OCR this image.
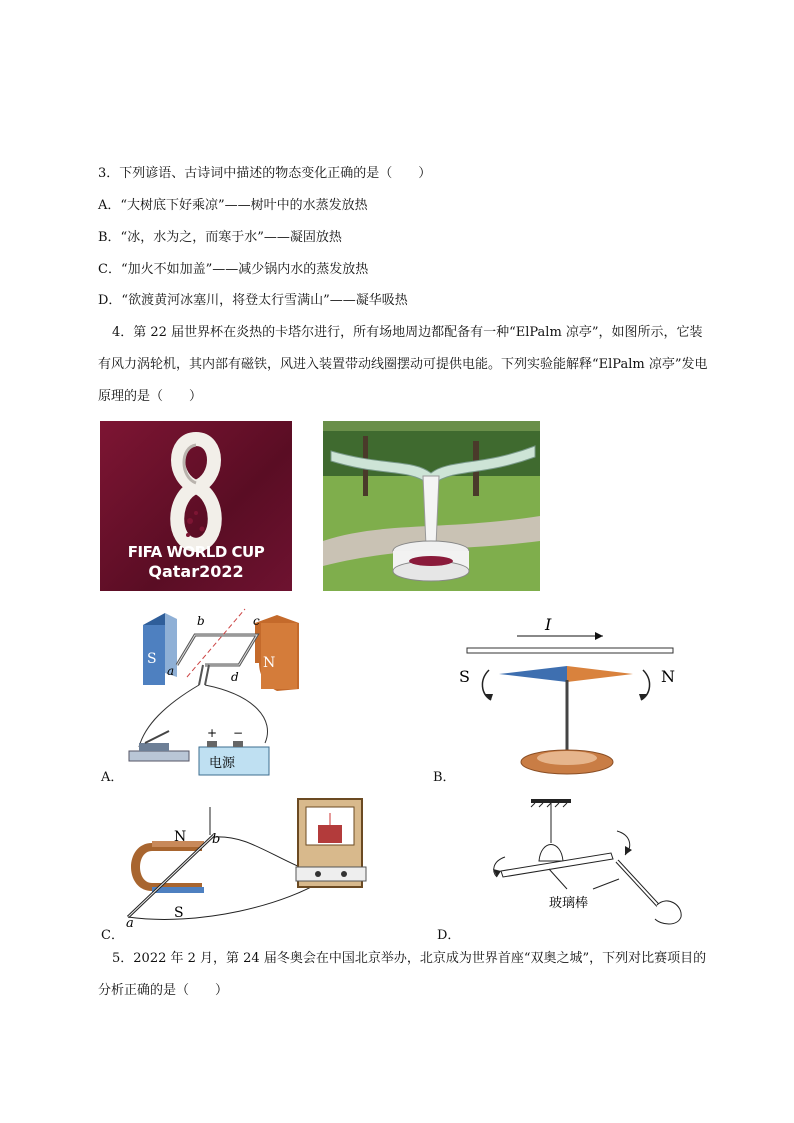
3．下列谚语、古诗词中描述的物态变化正确的是（　　）
A．“大树底下好乘凉”——树叶中的水蒸发放热
B．“冰，水为之，而寒于水”——凝固放热
C．“加火不如加盖”——减少锅内水的蒸发放热
D．“欲渡黄河冰塞川，将登太行雪满山”——凝华吸热
4．第 22 届世界杯在炎热的卡塔尔进行，所有场地周边都配备有一种“ElPalm 凉亭”，如图所示，它装
有风力涡轮机，其内部有磁铁，风进入装置带动线圈摆动可提供电能。下列实验能解释“ElPalm 凉亭”发电
原理的是（　　）
FIFA WORLD CUP
Qatar2022
S	N
a
b	c
d
+ −
电源
A．
I
S	N
B．
N
S
a
b
C．
玻璃棒
D．
5．2022 年 2 月，第 24 届冬奥会在中国北京举办，北京成为世界首座“双奥之城”，下列对比赛项目的
分析正确的是（　　）
